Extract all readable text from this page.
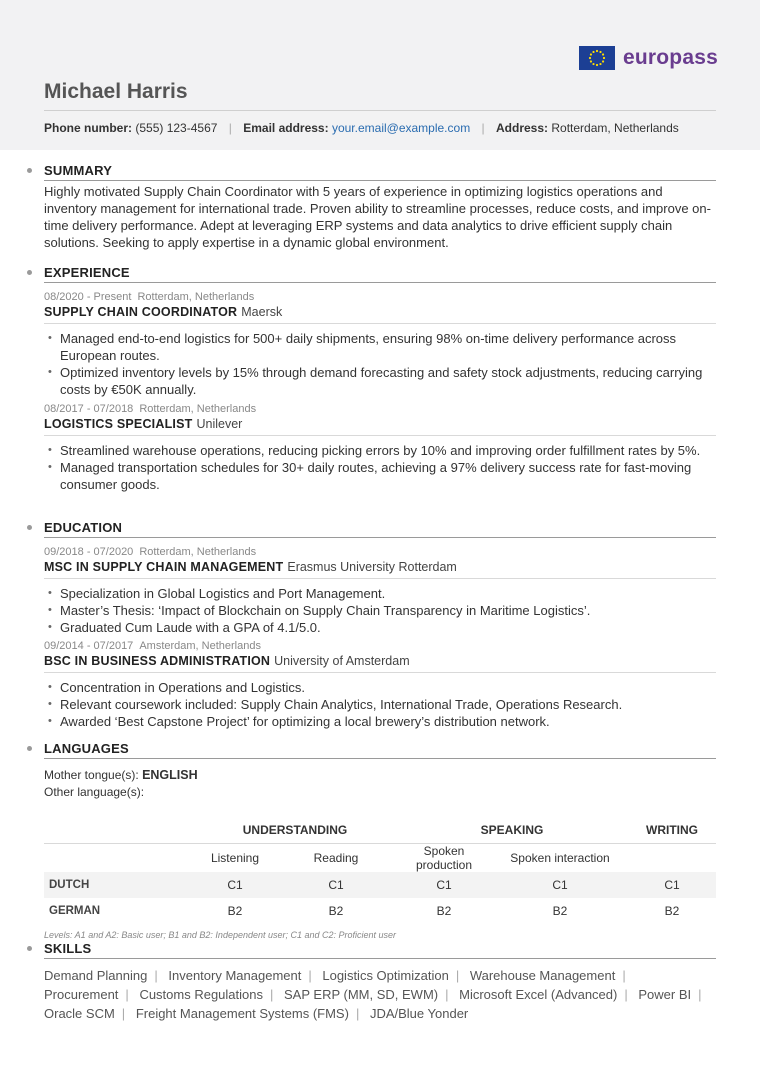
europass
Michael Harris
Phone number: (555) 123-4567 | Email address: your.email@example.com | Address: Rotterdam, Netherlands
SUMMARY
Highly motivated Supply Chain Coordinator with 5 years of experience in optimizing logistics operations and inventory management for international trade. Proven ability to streamline processes, reduce costs, and improve on-time delivery performance. Adept at leveraging ERP systems and data analytics to drive efficient supply chain solutions. Seeking to apply expertise in a dynamic global environment.
EXPERIENCE
08/2020 - Present Rotterdam, Netherlands
SUPPLY CHAIN COORDINATOR Maersk
• Managed end-to-end logistics for 500+ daily shipments, ensuring 98% on-time delivery performance across European routes.
• Optimized inventory levels by 15% through demand forecasting and safety stock adjustments, reducing carrying costs by €50K annually.
08/2017 - 07/2018 Rotterdam, Netherlands
LOGISTICS SPECIALIST Unilever
• Streamlined warehouse operations, reducing picking errors by 10% and improving order fulfillment rates by 5%.
• Managed transportation schedules for 30+ daily routes, achieving a 97% delivery success rate for fast-moving consumer goods.
EDUCATION
09/2018 - 07/2020 Rotterdam, Netherlands
MSC IN SUPPLY CHAIN MANAGEMENT Erasmus University Rotterdam
• Specialization in Global Logistics and Port Management.
• Master’s Thesis: ‘Impact of Blockchain on Supply Chain Transparency in Maritime Logistics’.
• Graduated Cum Laude with a GPA of 4.1/5.0.
09/2014 - 07/2017 Amsterdam, Netherlands
BSC IN BUSINESS ADMINISTRATION University of Amsterdam
• Concentration in Operations and Logistics.
• Relevant coursework included: Supply Chain Analytics, International Trade, Operations Research.
• Awarded ‘Best Capstone Project’ for optimizing a local brewery’s distribution network.
LANGUAGES
Mother tongue(s): ENGLISH
Other language(s):
	UNDERSTANDING		SPEAKING		WRITING
	Listening	Reading	Spoken production	Spoken interaction	
DUTCH	C1	C1	C1	C1	C1
GERMAN	B2	B2	B2	B2	B2
Levels: A1 and A2: Basic user; B1 and B2: Independent user; C1 and C2: Proficient user
SKILLS
Demand Planning | Inventory Management | Logistics Optimization | Warehouse Management | Procurement | Customs Regulations | SAP ERP (MM, SD, EWM) | Microsoft Excel (Advanced) | Power BI | Oracle SCM | Freight Management Systems (FMS) | JDA/Blue Yonder
